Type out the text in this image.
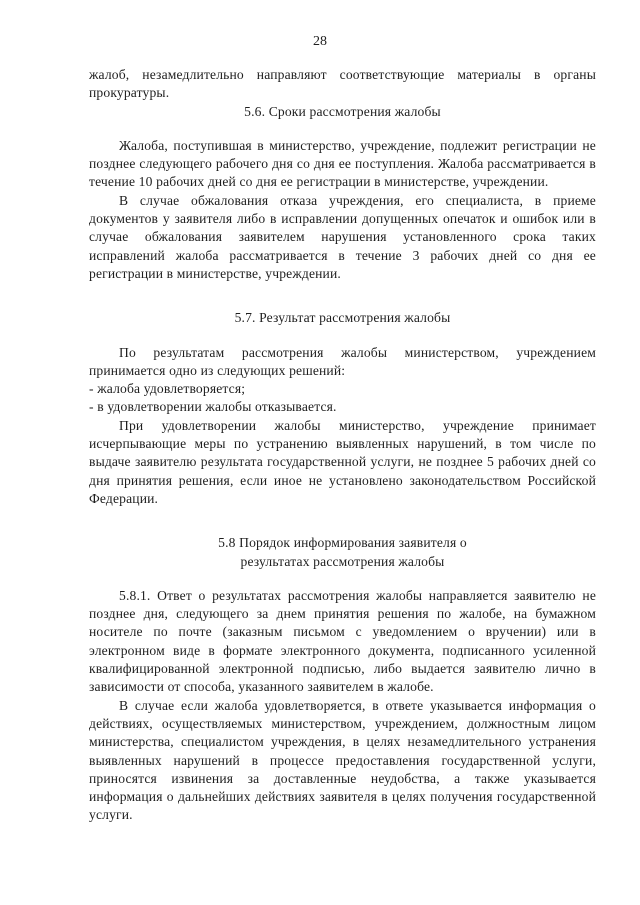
28

жалоб, незамедлительно направляют соответствующие материалы в органы прокуратуры.

5.6. Сроки рассмотрения жалобы

Жалоба, поступившая в министерство, учреждение, подлежит регистрации не позднее следующего рабочего дня со дня ее поступления. Жалоба рассматривается в течение 10 рабочих дней со дня ее регистрации в министерстве, учреждении.

В случае обжалования отказа учреждения, его специалиста, в приеме документов у заявителя либо в исправлении допущенных опечаток и ошибок или в случае обжалования заявителем нарушения установленного срока таких исправлений жалоба рассматривается в течение 3 рабочих дней со дня ее регистрации в министерстве, учреждении.

5.7. Результат рассмотрения жалобы

По результатам рассмотрения жалобы министерством, учреждением принимается одно из следующих решений:

- жалоба удовлетворяется;

- в удовлетворении жалобы отказывается.

При удовлетворении жалобы министерство, учреждение принимает исчерпывающие меры по устранению выявленных нарушений, в том числе по выдаче заявителю результата государственной услуги, не позднее 5 рабочих дней со дня принятия решения, если иное не установлено законодательством Российской Федерации.

5.8 Порядок информирования заявителя о

результатах рассмотрения жалобы

5.8.1. Ответ о результатах рассмотрения жалобы направляется заявителю не позднее дня, следующего за днем принятия решения по жалобе, на бумажном носителе по почте (заказным письмом с уведомлением о вручении) или в электронном виде в формате электронного документа, подписанного усиленной квалифицированной электронной подписью, либо выдается заявителю лично в зависимости от способа, указанного заявителем в жалобе.

В случае если жалоба удовлетворяется, в ответе указывается информация о действиях, осуществляемых министерством, учреждением, должностным лицом министерства, специалистом учреждения, в целях незамедлительного устранения выявленных нарушений в процессе предоставления государственной услуги, приносятся извинения за доставленные неудобства, а также указывается информация о дальнейших действиях заявителя в целях получения государственной услуги.
